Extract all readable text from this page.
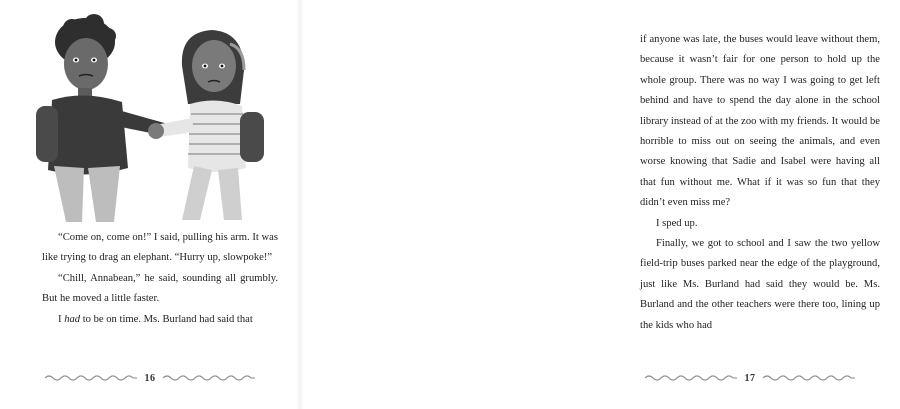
“Come on, come on!” I said, pulling his arm. It was like trying to drag an elephant. “Hurry up, slowpoke!”

“Chill, Annabean,” he said, sounding all grumbly. But he moved a little faster.

I had to be on time. Ms. Burland had said that

16

if anyone was late, the buses would leave without them, because it wasn’t fair for one person to hold up the whole group. There was no way I was going to get left behind and have to spend the day alone in the school library instead of at the zoo with my friends. It would be horrible to miss out on seeing the animals, and even worse knowing that Sadie and Isabel were having all that fun without me. What if it was so fun that they didn’t even miss me?

I sped up.

Finally, we got to school and I saw the two yellow field-trip buses parked near the edge of the playground, just like Ms. Burland had said they would be. Ms. Burland and the other teachers were there too, lining up the kids who had

17
